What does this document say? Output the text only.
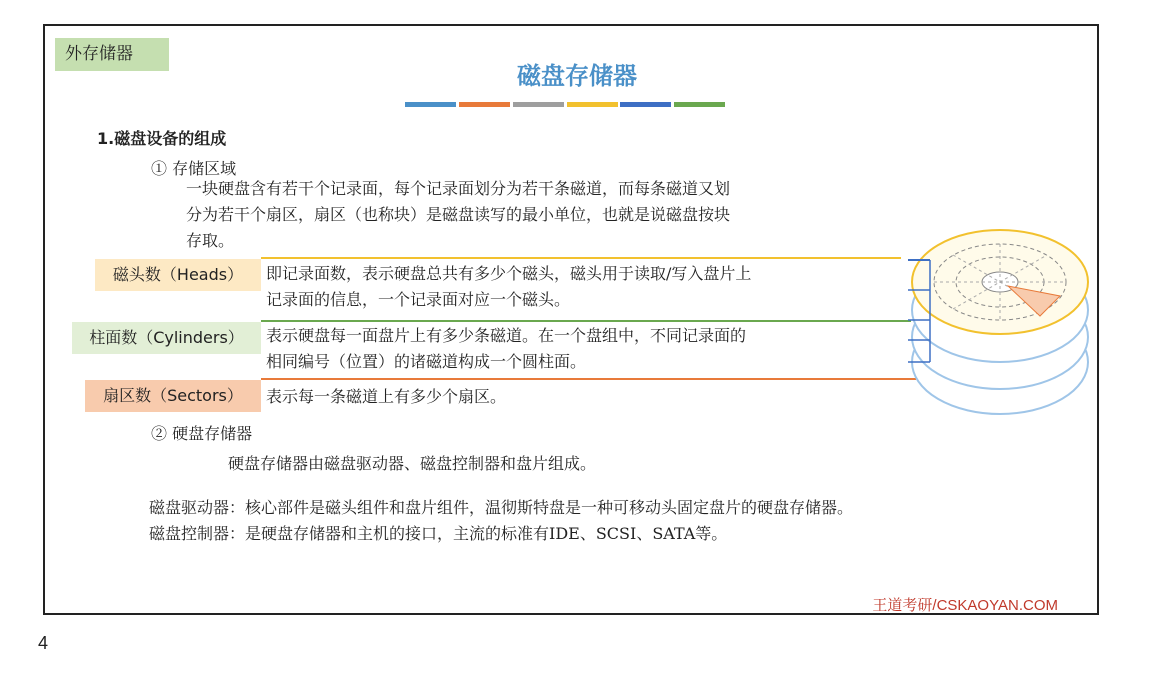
外存储器
磁盘存储器
1.磁盘设备的组成
① 存储区域
一块硬盘含有若干个记录面，每个记录面划分为若干条磁道，而每条磁道又划
分为若干个扇区，扇区（也称块）是磁盘读写的最小单位，也就是说磁盘按块
存取。
磁头数（Heads）	即记录面数，表示硬盘总共有多少个磁头，磁头用于读取/写入盘片上
记录面的信息，一个记录面对应一个磁头。
柱面数（Cylinders）	表示硬盘每一面盘片上有多少条磁道。在一个盘组中，不同记录面的
相同编号（位置）的诸磁道构成一个圆柱面。
扇区数（Sectors）	表示每一条磁道上有多少个扇区。
② 硬盘存储器
硬盘存储器由磁盘驱动器、磁盘控制器和盘片组成。
磁盘驱动器：核心部件是磁头组件和盘片组件，温彻斯特盘是一种可移动头固定盘片的硬盘存储器。
磁盘控制器：是硬盘存储器和主机的接口，主流的标准有IDE、SCSI、SATA等。
王道考研/CSKAOYAN.COM
4
